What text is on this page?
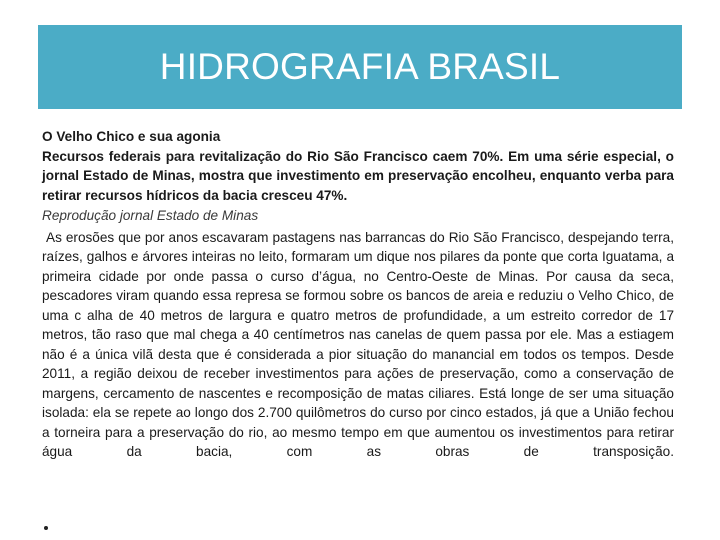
HIDROGRAFIA BRASIL

O Velho Chico e sua agonia

Recursos federais para revitalização do Rio São Francisco caem 70%. Em uma série especial, o jornal Estado de Minas, mostra que investimento em preservação encolheu, enquanto verba para retirar recursos hídricos da bacia cresceu 47%.

Reprodução jornal Estado de Minas

As erosões que por anos escavaram pastagens nas barrancas do Rio São Francisco, despejando terra, raízes, galhos e árvores inteiras no leito, formaram um dique nos pilares da ponte que corta Iguatama, a primeira cidade por onde passa o curso d’água, no Centro-Oeste de Minas. Por causa da seca, pescadores viram quando essa represa se formou sobre os bancos de areia e reduziu o Velho Chico, de uma c alha de 40 metros de largura e quatro metros de profundidade, a um estreito corredor de 17 metros, tão raso que mal chega a 40 centímetros nas canelas de quem passa por ele. Mas a estiagem não é a única vilã desta que é considerada a pior situação do manancial em todos os tempos. Desde 2011, a região deixou de receber investimentos para ações de preservação, como a conservação de margens, cercamento de nascentes e recomposição de matas ciliares. Está longe de ser uma situação isolada: ela se repete ao longo dos 2.700 quilômetros do curso por cinco estados, já que a União fechou a torneira para a preservação do rio, ao mesmo tempo em que aumentou os investimentos para retirar água da bacia, com as obras de transposição.
